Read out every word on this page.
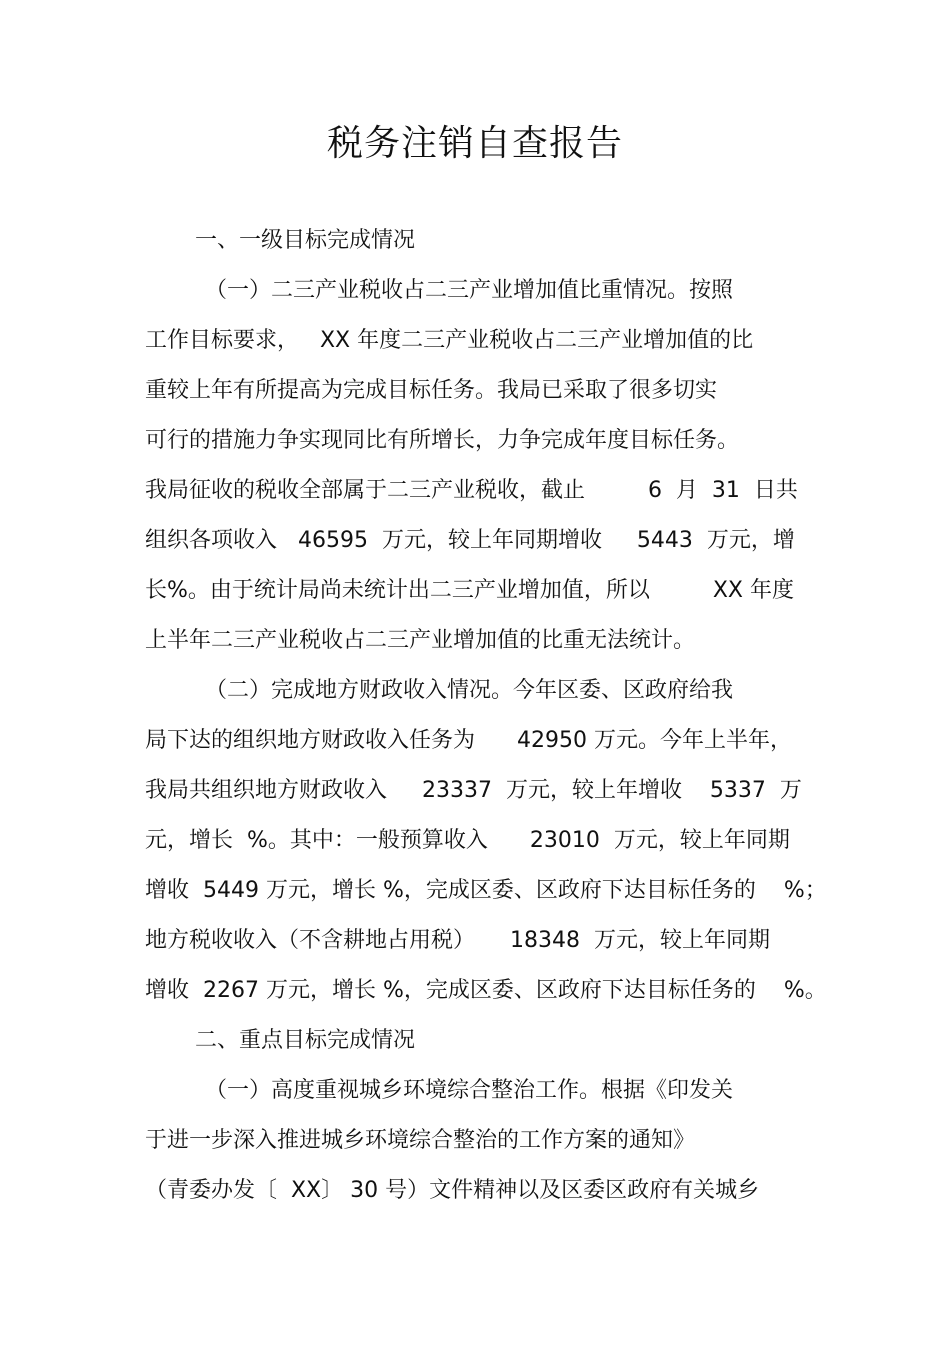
税务注销自查报告

一、一级目标完成情况

（一）二三产业税收占二三产业增加值比重情况。按照

工作目标要求，   XX 年度二三产业税收占二三产业增加值的比

重较上年有所提高为完成目标任务。我局已采取了很多切实

可行的措施力争实现同比有所增长，力争完成年度目标任务。

我局征收的税收全部属于二三产业税收，截止         6  月  31  日共

组织各项收入   46595  万元，较上年同期增收     5443  万元，增

长%。由于统计局尚未统计出二三产业增加值，所以         XX 年度

上半年二三产业税收占二三产业增加值的比重无法统计。

（二）完成地方财政收入情况。今年区委、区政府给我

局下达的组织地方财政收入任务为      42950 万元。今年上半年，

我局共组织地方财政收入     23337  万元，较上年增收    5337  万

元，增长  %。其中：一般预算收入      23010  万元，较上年同期

增收  5449 万元，增长 %，完成区委、区政府下达目标任务的    %；

地方税收收入（不含耕地占用税）     18348  万元，较上年同期

增收  2267 万元，增长 %，完成区委、区政府下达目标任务的    %。

二、重点目标完成情况

（一）高度重视城乡环境综合整治工作。根据《印发关

于进一步深入推进城乡环境综合整治的工作方案的通知》

（青委办发〔  XX〕 30 号）文件精神以及区委区政府有关城乡
